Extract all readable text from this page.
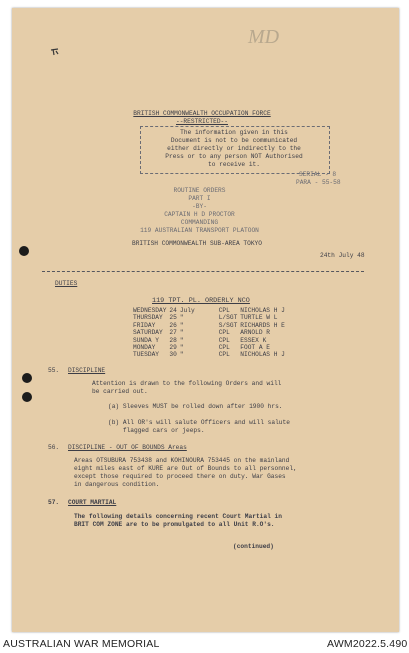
MD

BRITISH COMMONWEALTH OCCUPATION FORCE

--RESTRICTED--

The information given in this

Document is not to be communicated

either directly or indirectly to the

Press or to any person NOT Authorised

to receive it.

SERIAL - 8

PARA - 55-58

ROUTINE ORDERS

PART I

-BY-

CAPTAIN H D PROCTOR

COMMANDING

119 AUSTRALIAN TRANSPORT PLATOON

BRITISH COMMONWEALTH SUB-AREA TOKYO

24th July 48

DUTIES

119 TPT. PL. ORDERLY NCO

WEDNESDAY	24	July	CPL	NICHOLAS H J
THURSDAY	25	"	L/SGT	TURTLE W L
FRIDAY	26	"	S/SGT	RICHARDS H E
SATURDAY	27	"	CPL	ARNOLD R
SUNDA Y	28	"	CPL	ESSEX K
MONDAY	29	"	CPL	FOOT A E
TUESDAY	30	"	CPL	NICHOLAS H J

55. DISCIPLINE

Attention is drawn to the following Orders and will

be carried out.

(a) Sleeves MUST be rolled down after 1900 hrs.

(b) All OR's will salute Officers and will salute

flagged cars or jeeps.

56. DISCIPLINE - OUT OF BOUNDS Areas

Areas OTSUBURA 753438 and KOHINOURA 753445 on the mainland

eight miles east of KURE are Out of Bounds to all personnel,

except those required to proceed there on duty. War Gases

in dangerous condition.

57. COURT MARTIAL

The following details concerning recent Court Martial in

BRIT COM ZONE are to be promulgated to all Unit R.O's.

(continued)

AUSTRALIAN WAR MEMORIAL	AWM2022.5.490
